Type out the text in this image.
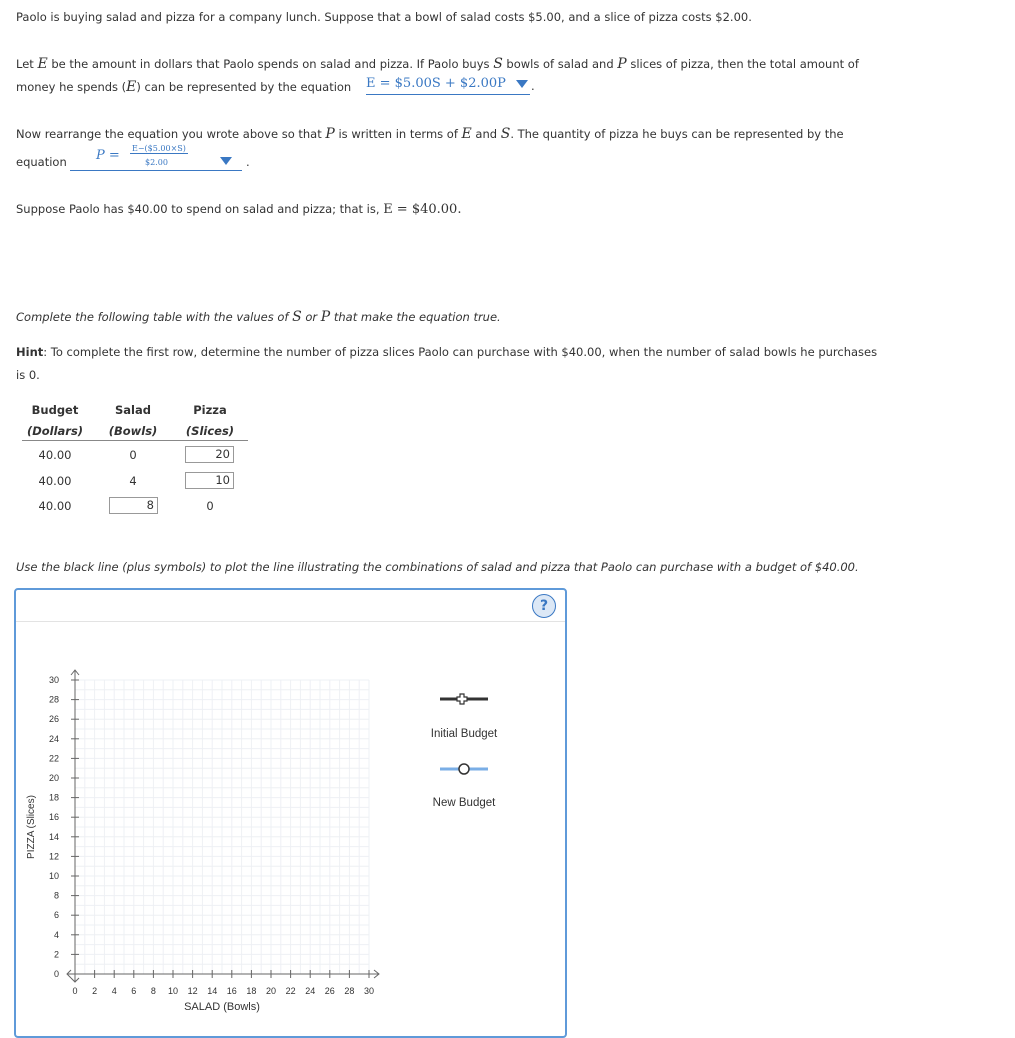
Paolo is buying salad and pizza for a company lunch. Suppose that a bowl of salad costs $5.00, and a slice of pizza costs $2.00.
Let E be the amount in dollars that Paolo spends on salad and pizza. If Paolo buys S bowls of salad and P slices of pizza, then the total amount of
money he spends (E) can be represented by the equation E = $5.00S + $2.00P	.
Now rearrange the equation you wrote above so that P is written in terms of E and S. The quantity of pizza he buys can be represented by the
equation P = E−($5.00×S)
$2.00	.
Suppose Paolo has $40.00 to spend on salad and pizza; that is, E = $40.00.
Complete the following table with the values of S or P that make the equation true.
Hint: To complete the first row, determine the number of pizza slices Paolo can purchase with $40.00, when the number of salad bowls he purchases
is 0.
Budget	Salad	Pizza
(Dollars)	(Bowls)	(Slices)
40.00	0	20
40.00	4	10
40.00	8	0
Use the black line (plus symbols) to plot the line illustrating the combinations of salad and pizza that Paolo can purchase with a budget of $40.00.
?
0 2 4 6 8 10 12 14 16 18 20 22 24 26 28 30
0
2
4
6
8
10
12
14
16
18
20
22
24
26
28
30
SALAD (Bowls)
PIZZA (Slices)
Initial Budget
New Budget
